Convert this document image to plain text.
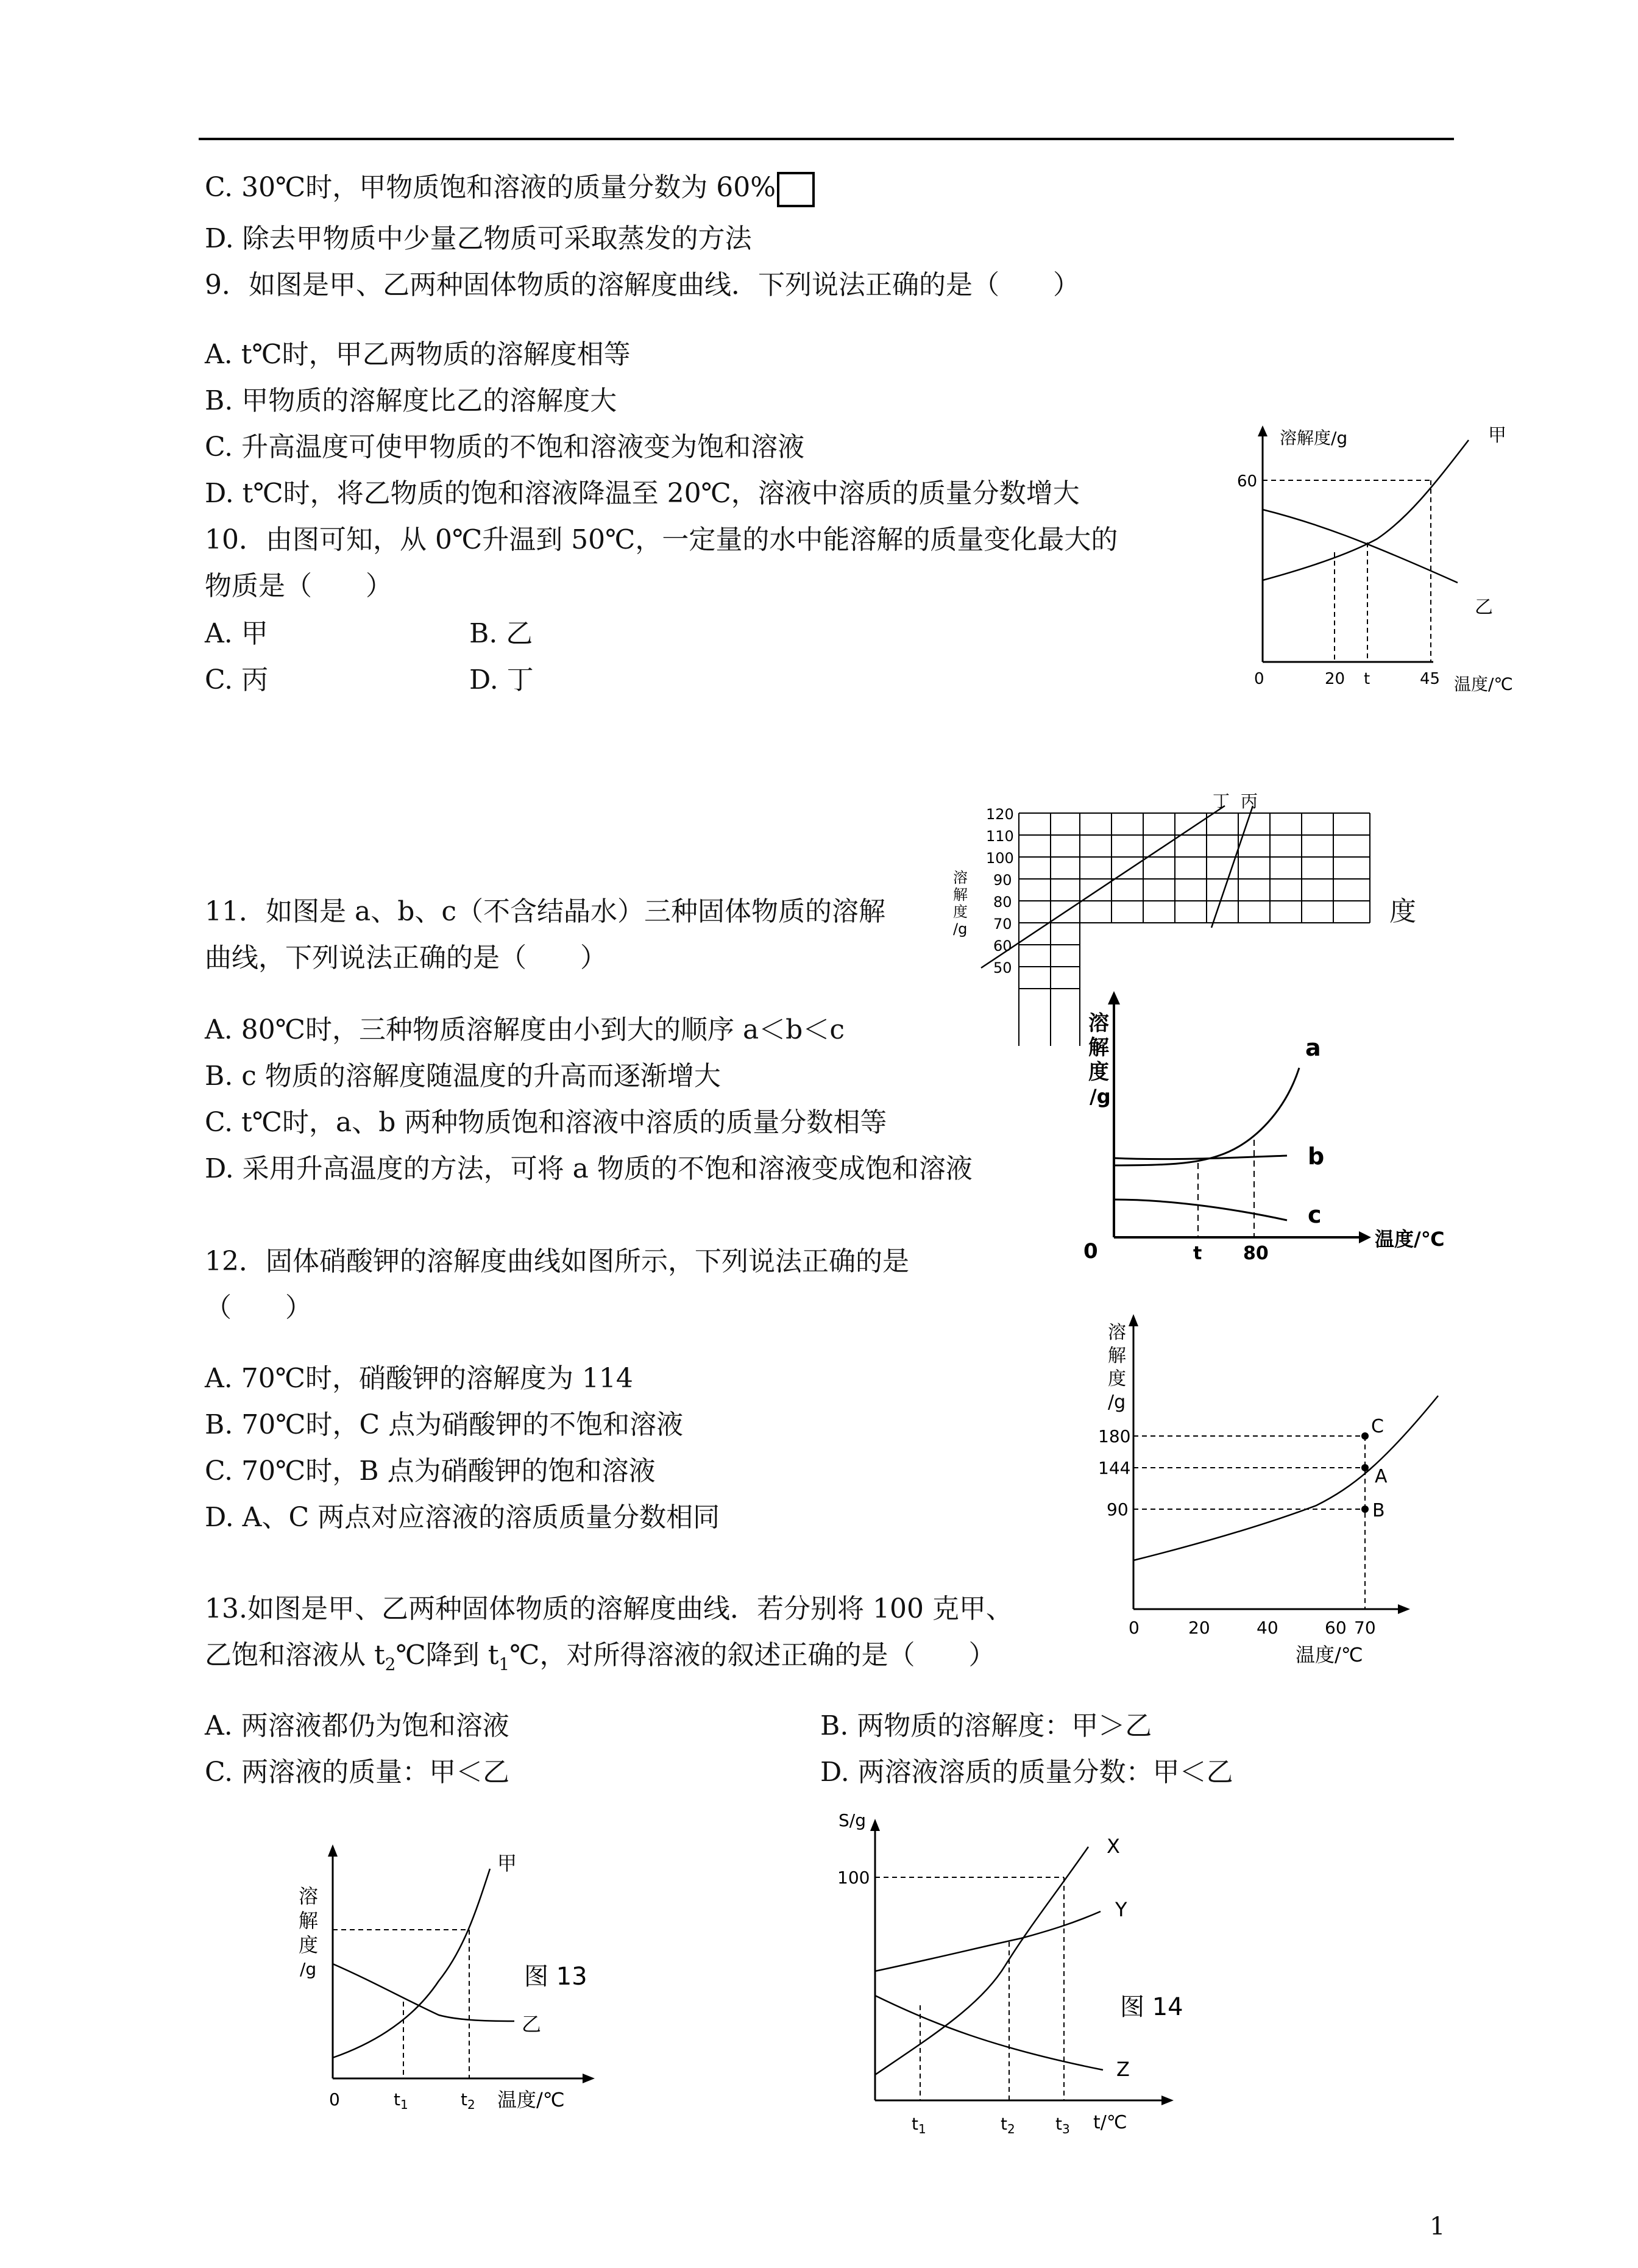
C. 30℃时，甲物质饱和溶液的质量分数为 60%
D. 除去甲物质中少量乙物质可采取蒸发的方法
9．如图是甲、乙两种固体物质的溶解度曲线．下列说法正确的是（　　）
A. t℃时，甲乙两物质的溶解度相等
B. 甲物质的溶解度比乙的溶解度大
C. 升高温度可使甲物质的不饱和溶液变为饱和溶液
D. t℃时，将乙物质的饱和溶液降温至 20℃，溶液中溶质的质量分数增大
10．由图可知，从 0℃升温到 50℃，一定量的水中能溶解的质量变化最大的
物质是（　　）
A. 甲	B. 乙
C. 丙	D. 丁
11．如图是 a、b、c（不含结晶水）三种固体物质的溶解	度
曲线，下列说法正确的是（　　）
A. 80℃时，三种物质溶解度由小到大的顺序 a＜b＜c
B. c 物质的溶解度随温度的升高而逐渐增大
C. t℃时，a、b 两种物质饱和溶液中溶质的质量分数相等
D. 采用升高温度的方法，可将 a 物质的不饱和溶液变成饱和溶液
12．固体硝酸钾的溶解度曲线如图所示，下列说法正确的是
（　　）
A. 70℃时，硝酸钾的溶解度为 114
B. 70℃时，C 点为硝酸钾的不饱和溶液
C. 70℃时，B 点为硝酸钾的饱和溶液
D. A、C 两点对应溶液的溶质质量分数相同
13.如图是甲、乙两种固体物质的溶解度曲线．若分别将 100 克甲、
乙饱和溶液从 $t_2℃$降到 $t_1℃$，对所得溶液的叙述正确的是（　　）
A. 两溶液都仍为饱和溶液	B. 两物质的溶解度：甲＞乙
C. 两溶液的质量：甲＜乙	D. 两溶液溶质的质量分数：甲＜乙
溶解度/g
60
0	20 t	45 温度/℃
甲
乙
120
110
100
90
80
70
60
50
溶
解
度
/g
丁 丙
溶
解
度
/g
0	t 80
温度/℃
a
b
c
C
A
B
180
144
90
溶
解
度
/g
0	20	40	60 70
温度/℃
甲
乙
溶
解
度
/g
0	$t_1$	$t_2$ 温度/℃
图 13
X
Y
Z
S/g
100
$t_1$	$t_2$ $t_3$ t/℃
图 14
1
